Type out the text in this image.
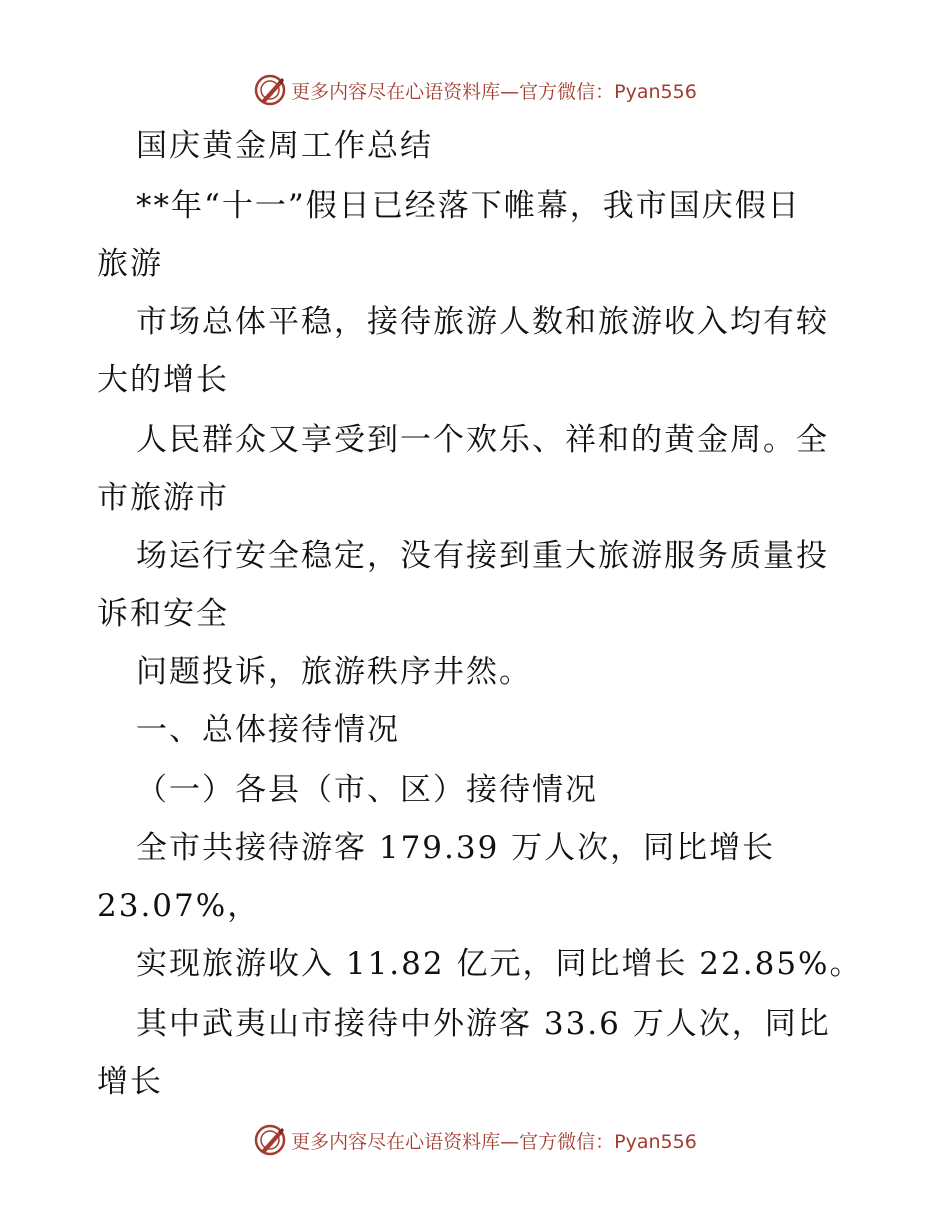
更多内容尽在心语资料库—官方微信：Pyan556
国庆黄金周工作总结
**年“十一”假日已经落下帷幕，我市国庆假日
旅游
市场总体平稳，接待旅游人数和旅游收入均有较
大的增长
人民群众又享受到一个欢乐、祥和的黄金周。全
市旅游市
场运行安全稳定，没有接到重大旅游服务质量投
诉和安全
问题投诉，旅游秩序井然。
一、总体接待情况
（一）各县（市、区）接待情况
全市共接待游客 179.39 万人次，同比增长
23.07%，
实现旅游收入 11.82 亿元，同比增长 22.85%。
其中武夷山市接待中外游客 33.6 万人次，同比
增长
更多内容尽在心语资料库—官方微信：Pyan556
